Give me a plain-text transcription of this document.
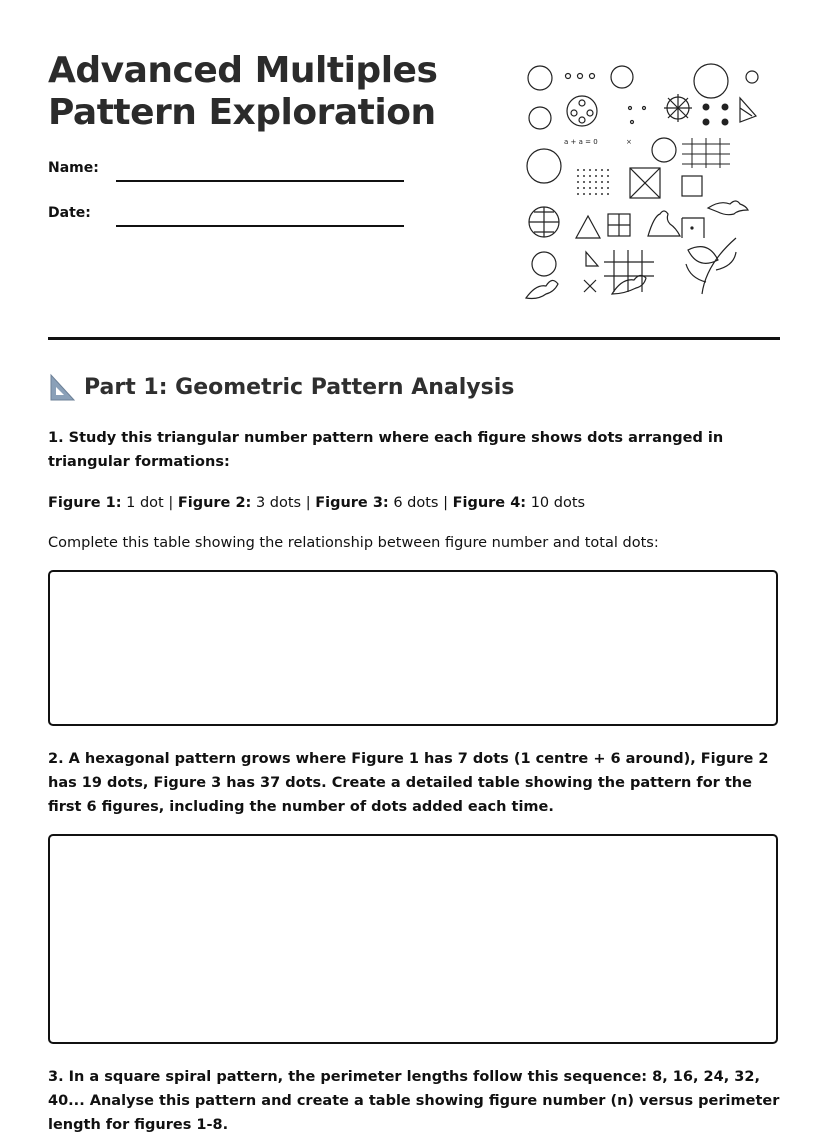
Advanced Multiples
Pattern Exploration
Name:
Date:
a + a = 0	×
Part 1: Geometric Pattern Analysis

1. Study this triangular number pattern where each figure shows dots arranged in triangular formations:

Figure 1: 1 dot | Figure 2: 3 dots | Figure 3: 6 dots | Figure 4: 10 dots
Complete this table showing the relationship between figure number and total dots:

2. A hexagonal pattern grows where Figure 1 has 7 dots (1 centre + 6 around), Figure 2 has 19 dots, Figure 3 has 37 dots. Create a detailed table showing the pattern for the first 6 figures, including the number of dots added each time.

3. In a square spiral pattern, the perimeter lengths follow this sequence: 8, 16, 24, 32, 40... Analyse this pattern and create a table showing figure number (n) versus perimeter length for figures 1-8.
